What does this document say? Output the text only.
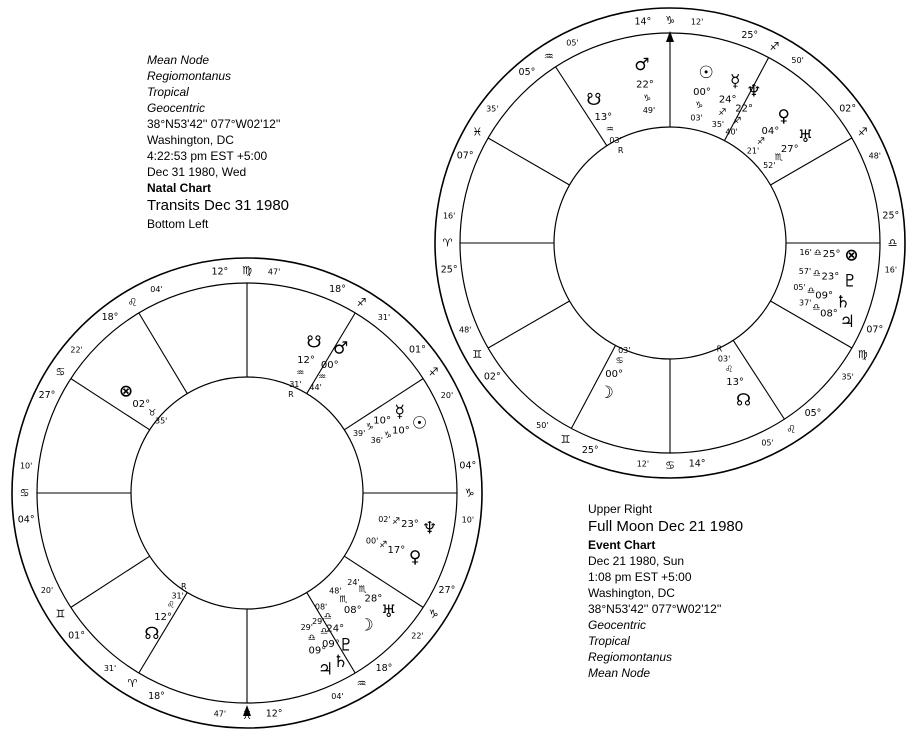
Mean Node
Regiomontanus
Tropical
Geocentric
38°N53'42'' 077°W02'12''
Washington, DC
4:22:53 pm EST +5:00
Dec 31 1980, Wed
Natal Chart
Transits Dec 31 1980
Bottom Left
Upper Right
Full Moon Dec 21 1980
Event Chart
Dec 21 1980, Sun
1:08 pm EST +5:00
Washington, DC
38°N53'42'' 077°W02'12''
Geocentric
Tropical
Regiomontanus
Mean Node
04°
♋
10'
27°
♋
22'
18°
♌
04'
12° ♍ 47'
18°
♐
31'
01°
♐
20'
04°
♑
10'
27°
♑
22'
18°
♒
04'
12°
♓
47'
18°
♈
31'
01°
♊
20'
☋
12°
♒
31'
R
♂
00°
♒
44'
☿
10°
♑
39'
☉
10°
♑
36'
♆
23°
♐
02'
♀
17°
♐
00'
♅
28°
♏
24'
☽
08°
♏
48'
♇
24°
♎
08'
♄
09°
♎
29'
♃
09°
♎
29'
☊
12°
♌
31'
R
⊗
02°
♉
35'
25°
♈
16'
02°
♊
48'
25°
♊
50'
14°
♋
12'
05°
♌
05'
07°
♍
35'
25°
♎
16'
02°
♐
48'
25°
♐
50'
14° ♑ 12'
05°
♒
05'
07°
♓
35'
♂
22°
♑
49'
☉
00°
♑
03'
☿
24°
♐
35'
♆
22°
♐
40'
♀
04°
♐
21'
♅
27°
♏
52'
⊗
25°
♎
16'
♇
23°
♎
57'
♄
09°
♎
05'
♃
08°
♎
37'
☊
13°
♌
03'
R
☽
00°
♋
03'
☋
13°
♒
03'
R
